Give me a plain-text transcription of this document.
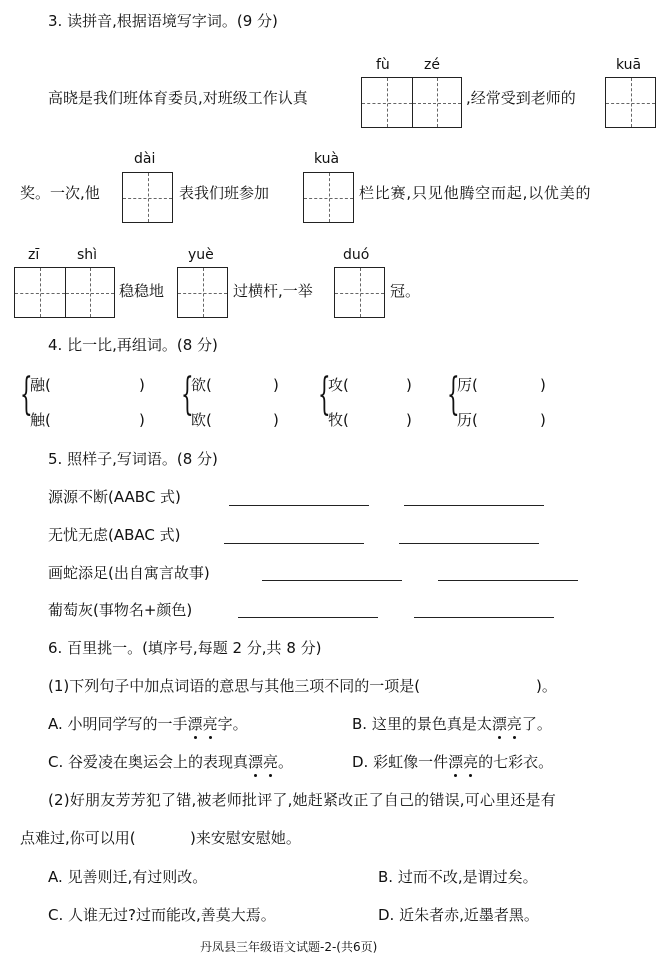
3. 读拼音,根据语境写字词。(9 分)
fù zé	kuā
高晓是我们班体育委员,对班级工作认真	,经常受到老师的
dài	kuà
奖。一次,他	表我们班参加	栏比赛,只见他腾空而起,以优美的
zī	shì	yuè	duó
稳稳地	过横杆,一举	冠。
4. 比一比,再组词。(8 分)
{
融(	)
触(	) {
欲(	)
欧(	) {
攻(	)
牧(	) {
厉(	)
历(	)
5. 照样子,写词语。(8 分)
源源不断(AABC 式)
无忧无虑(ABAC 式)
画蛇添足(出自寓言故事)
葡萄灰(事物名+颜色)
6. 百里挑一。(填序号,每题 2 分,共 8 分)
(1)下列句子中加点词语的意思与其他三项不同的一项是(	)。
A. 小明同学写的一手漂亮字。	B. 这里的景色真是太漂亮了。
C. 谷爱凌在奥运会上的表现真漂亮。	D. 彩虹像一件漂亮的七彩衣。
(2)好朋友芳芳犯了错,被老师批评了,她赶紧改正了自己的错误,可心里还是有
点难过,你可以用(	)来安慰安慰她。
A. 见善则迁,有过则改。	B. 过而不改,是谓过矣。
C. 人谁无过?过而能改,善莫大焉。	D. 近朱者赤,近墨者黑。
丹凤县三年级语文试题-2-(共6页)
